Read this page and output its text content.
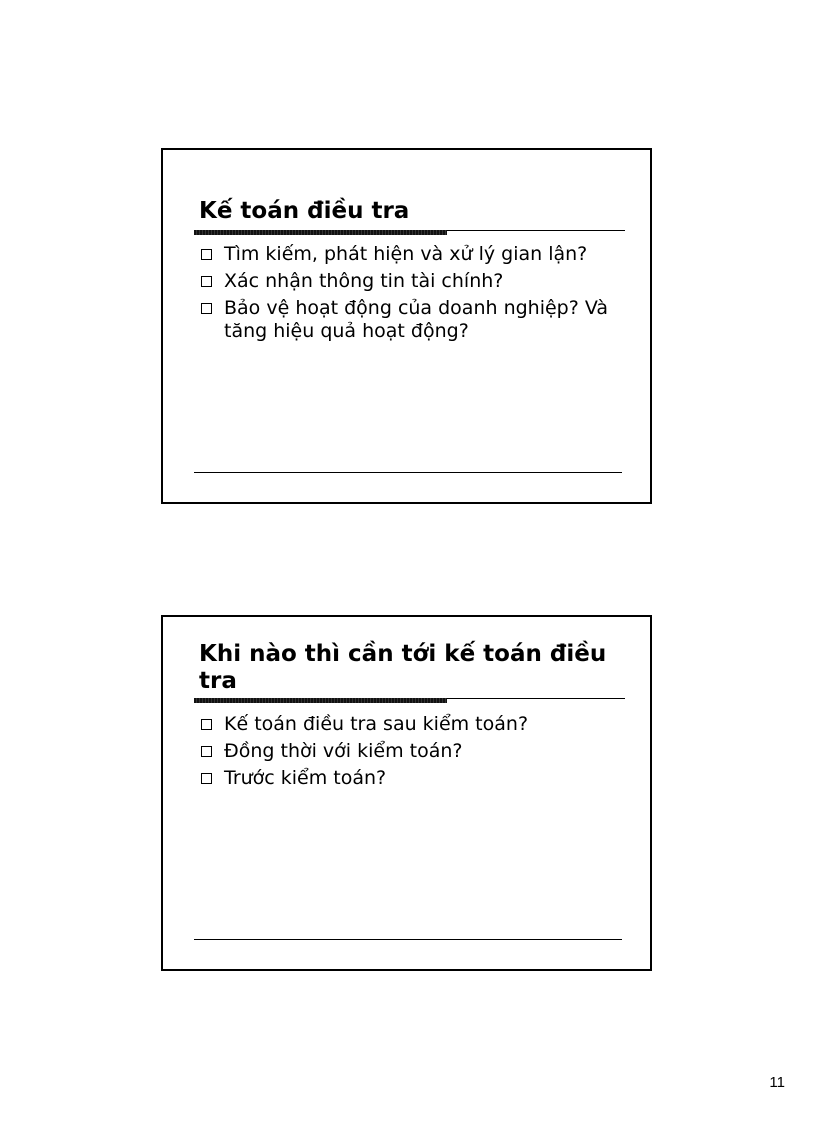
Kế toán điều tra
Tìm kiếm, phát hiện và xử lý gian lận?
Xác nhận thông tin tài chính?
Bảo vệ hoạt động của doanh nghiệp? Và tăng hiệu quả hoạt động?
Khi nào thì cần tới kế toán điều tra
Kế toán điều tra sau kiểm toán?
Đồng thời với kiểm toán?
Trước kiểm toán?
11
